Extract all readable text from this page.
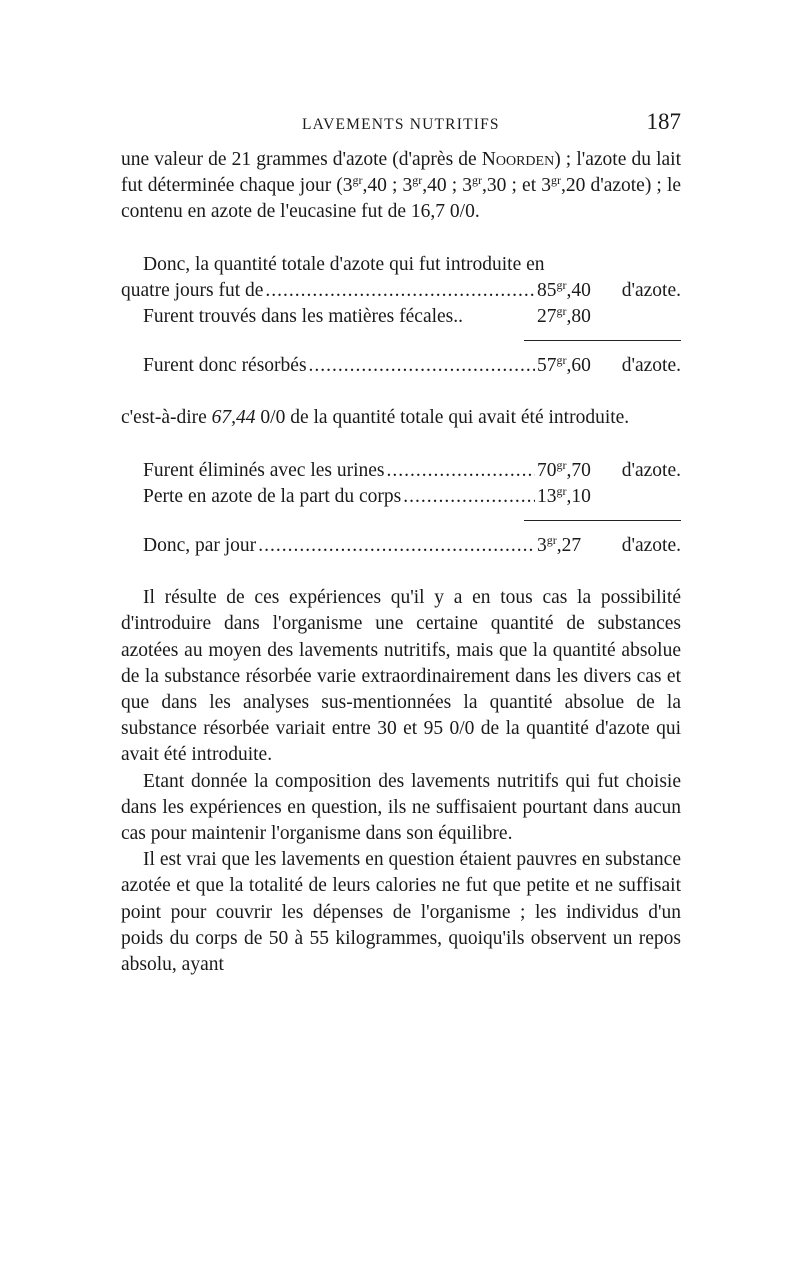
LAVEMENTS NUTRITIFS	187

une valeur de 21 grammes d'azote (d'après de Noorden) ; l'azote du lait fut déterminée chaque jour ($3^{gr},40$ ; $3^{gr},40$ ; $3^{gr},30$ ; et $3^{gr},20$ d'azote) ; le contenu en azote de l'eucasine fut de 16,7 0/0.

Donc, la quantité totale d'azote qui fut introduite en

quatre jours fut de .....	$85^{gr},40$	d'azote.
Furent trouvés dans les matières fécales..	$27^{gr},80$
Furent donc résorbés .....	$57^{gr},60$	d'azote.

c'est-à-dire 67,44 0/0 de la quantité totale qui avait été introduite.

Furent éliminés avec les urines .....	$70^{gr},70$	d'azote.
Perte en azote de la part du corps .....	$13^{gr},10$
Donc, par jour .....	$3^{gr},27$	d'azote.

Il résulte de ces expériences qu'il y a en tous cas la possibilité d'introduire dans l'organisme une certaine quantité de substances azotées au moyen des lavements nutritifs, mais que la quantité absolue de la substance résorbée varie extraordinairement dans les divers cas et que dans les analyses sus-mentionnées la quantité absolue de la substance résorbée variait entre 30 et 95 0/0 de la quantité d'azote qui avait été introduite.

Etant donnée la composition des lavements nutritifs qui fut choisie dans les expériences en question, ils ne suffisaient pourtant dans aucun cas pour maintenir l'organisme dans son équilibre.

Il est vrai que les lavements en question étaient pauvres en substance azotée et que la totalité de leurs calories ne fut que petite et ne suffisait point pour couvrir les dépenses de l'organisme ; les individus d'un poids du corps de 50 à 55 kilogrammes, quoiqu'ils observent un repos absolu, ayant
